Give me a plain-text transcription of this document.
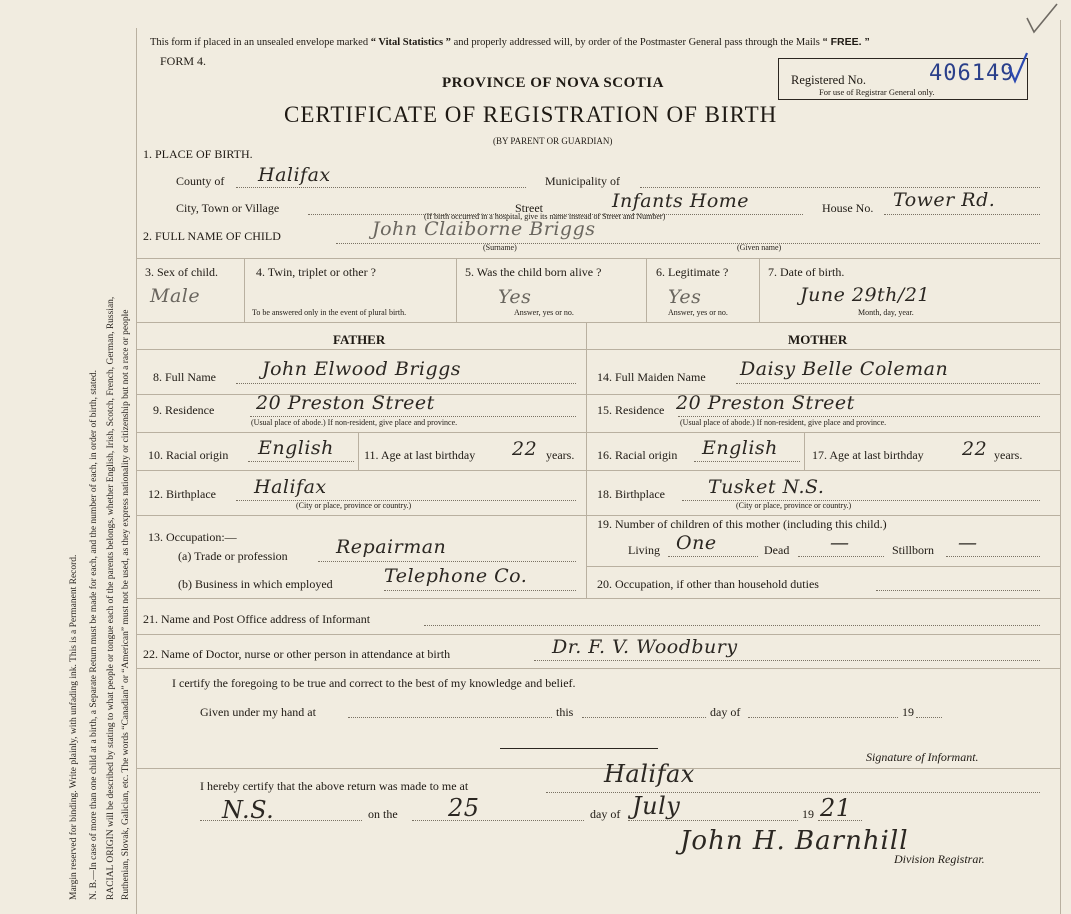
Margin reserved for binding. Write plainly, with unfading ink. This is a Permanent Record. N. B.—In case of more than one child at a birth, a Separate Return must be made for each, and the number of each, in order of birth, stated. RACIAL ORIGIN will be described by stating to what people or tongue each of the parents belongs, whether English, Irish, Scotch, French, German, Russian, Ruthenian, Slovak, Galician, etc. The words “Canadian” or “American” must not be used, as they express nationality or citizenship but not a race or people
This form if placed in an unsealed envelope marked “ Vital Statistics ” and properly addressed will, by order of the Postmaster General pass through the Mails “ FREE. ”
FORM 4.
Registered No.	406149
For use of Registrar General only.
PROVINCE OF NOVA SCOTIA
CERTIFICATE OF REGISTRATION OF BIRTH
(BY PARENT OR GUARDIAN)
1. PLACE OF BIRTH.
County of Halifax	Municipality of
City, Town or Village	Street	Infants Home
(If birth occurred in a hospital, give its name instead of Street and Number)
House No. Tower Rd.
2. FULL NAME OF CHILD	John Claiborne Briggs
(Surname)	(Given name)
3. Sex of child.
Male
4. Twin, triplet or other ?
To be answered only in the event of plural birth.
5. Was the child born alive ?
Yes
Answer, yes or no.
6. Legitimate ?
Yes
Answer, yes or no.
7. Date of birth.
June 29th/21
Month, day, year.
FATHER	MOTHER
8. Full Name John Elwood Briggs
9. Residence 20 Preston Street
(Usual place of abode.) If non-resident, give place and province.
10. Racial origin English	11. Age at last birthday 22 years.
12. Birthplace Halifax
(City or place, province or country.)
13. Occupation:—
(a) Trade or profession	Repairman
(b) Business in which employed	Telephone Co.
14. Full Maiden Name Daisy Belle Coleman
15. Residence 20 Preston Street
(Usual place of abode.) If non-resident, give place and province.
16. Racial origin English	17. Age at last birthday 22 years.
18. Birthplace Tusket N.S.
(City or place, province or country.)
19. Number of children of this mother (including this child.)
Living One	Dead —	Stillborn —
20. Occupation, if other than household duties
21. Name and Post Office address of Informant
22. Name of Doctor, nurse or other person in attendance at birth	Dr. F. V. Woodbury
I certify the foregoing to be true and correct to the best of my knowledge and belief.
Given under my hand at	this	day of	19
Signature of Informant.
I hereby certify that the above return was made to me at	Halifax
N.S.	on the 25	day of July	19 21
John H. Barnhill
Division Registrar.
